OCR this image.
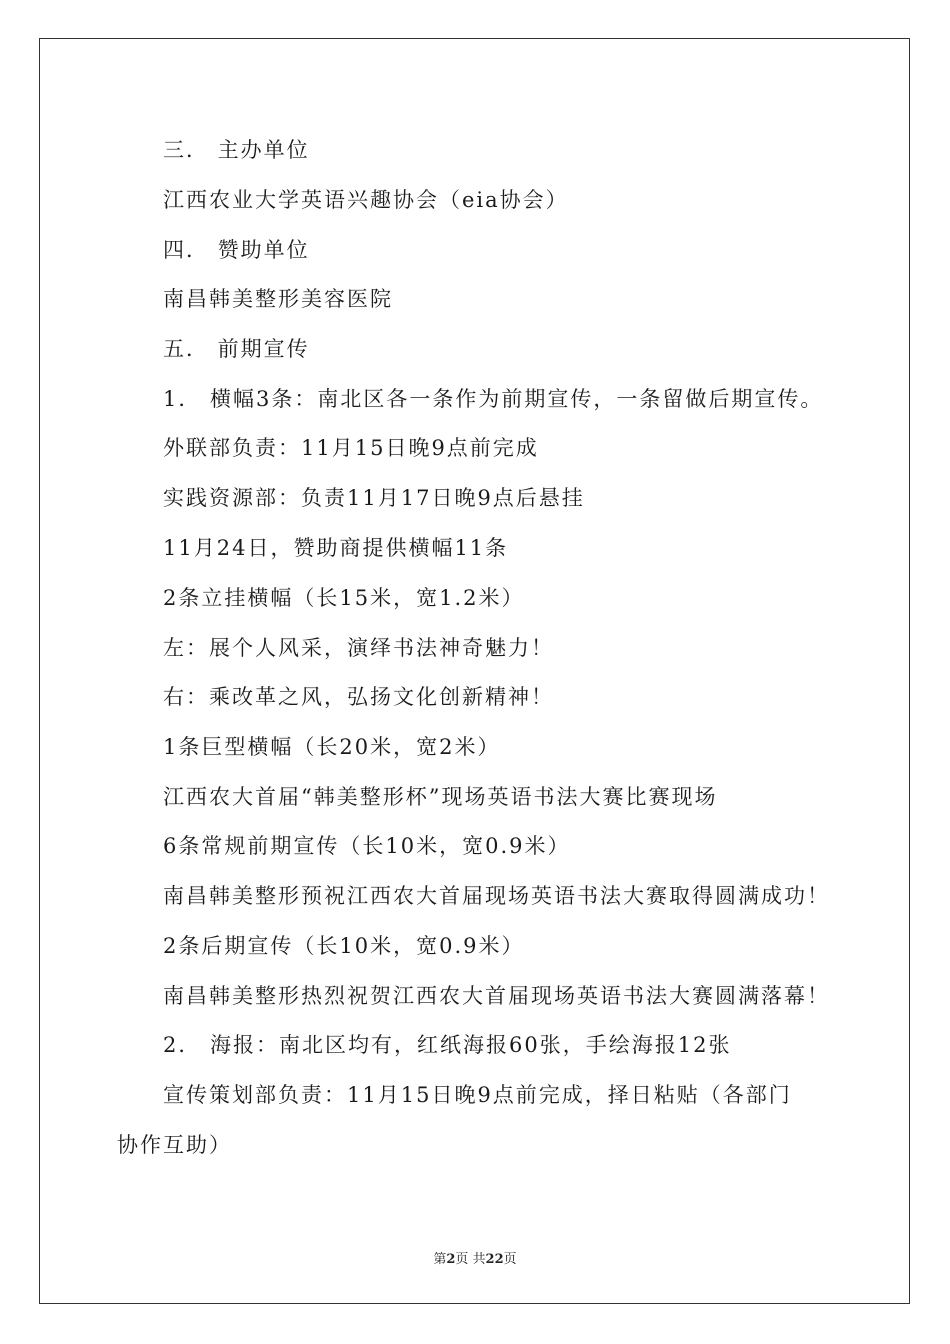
三． 主办单位
江西农业大学英语兴趣协会（eia协会）
四． 赞助单位
南昌韩美整形美容医院
五． 前期宣传
1． 横幅3条：南北区各一条作为前期宣传，一条留做后期宣传。
外联部负责：11月15日晚9点前完成
实践资源部：负责11月17日晚9点后悬挂
11月24日，赞助商提供横幅11条
2条立挂横幅（长15米，宽1.2米）
左：展个人风采，演绎书法神奇魅力！
右：乘改革之风，弘扬文化创新精神！
1条巨型横幅（长20米，宽2米）
江西农大首届“韩美整形杯”现场英语书法大赛比赛现场
6条常规前期宣传（长10米，宽0.9米）
南昌韩美整形预祝江西农大首届现场英语书法大赛取得圆满成功！
2条后期宣传（长10米，宽0.9米）
南昌韩美整形热烈祝贺江西农大首届现场英语书法大赛圆满落幕！
2． 海报：南北区均有，红纸海报60张，手绘海报12张
宣传策划部负责：11月15日晚9点前完成，择日粘贴（各部门
协作互助）
第2页 共22页
